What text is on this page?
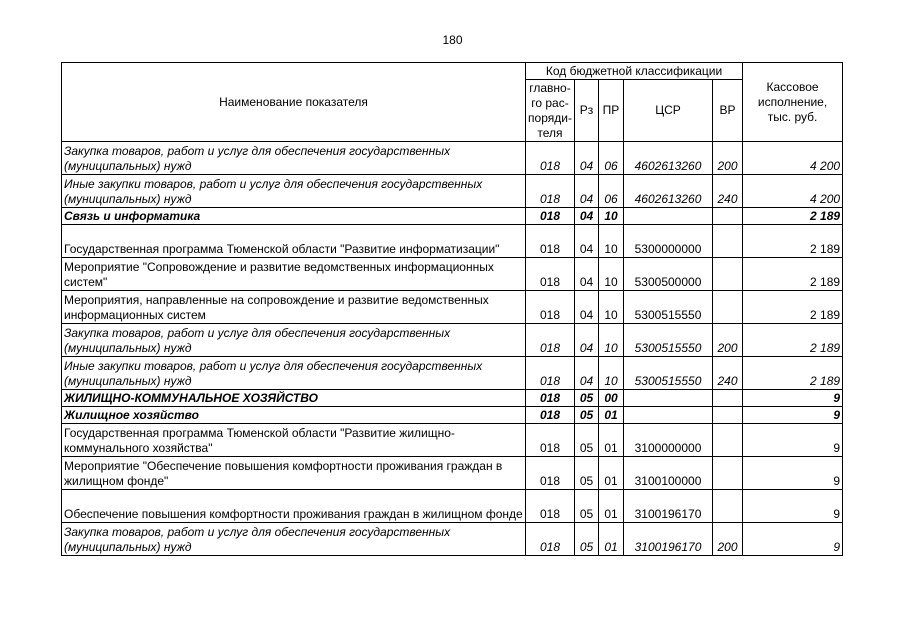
180
Наименование показателя	Код бюджетной классификации					Кассовое исполнение, тыс. руб.
	главно-го рас-поряди-теля	Рз	ПР	ЦСР	ВР	
Закупка товаров, работ и услуг для обеспечения государственных (муниципальных) нужд	018	04	06	4602613260	200	4 200
Иные закупки товаров, работ и услуг для обеспечения государственных (муниципальных) нужд	018	04	06	4602613260	240	4 200
Связь и информатика	018	04	10			2 189
Государственная программа Тюменской области "Развитие информатизации"	018	04	10	5300000000		2 189
Мероприятие "Сопровождение и развитие ведомственных информационных систем"	018	04	10	5300500000		2 189
Мероприятия, направленные на сопровождение и развитие ведомственных информационных систем	018	04	10	5300515550		2 189
Закупка товаров, работ и услуг для обеспечения государственных (муниципальных) нужд	018	04	10	5300515550	200	2 189
Иные закупки товаров, работ и услуг для обеспечения государственных (муниципальных) нужд	018	04	10	5300515550	240	2 189
ЖИЛИЩНО-КОММУНАЛЬНОЕ ХОЗЯЙСТВО	018	05	00			9
Жилищное хозяйство	018	05	01			9
Государственная программа Тюменской области "Развитие жилищно-коммунального хозяйства"	018	05	01	3100000000		9
Мероприятие "Обеспечение повышения комфортности проживания граждан в жилищном фонде"	018	05	01	3100100000		9
Обеспечение повышения комфортности проживания граждан в жилищном фонде	018	05	01	3100196170		9
Закупка товаров, работ и услуг для обеспечения государственных (муниципальных) нужд	018	05	01	3100196170	200	9
